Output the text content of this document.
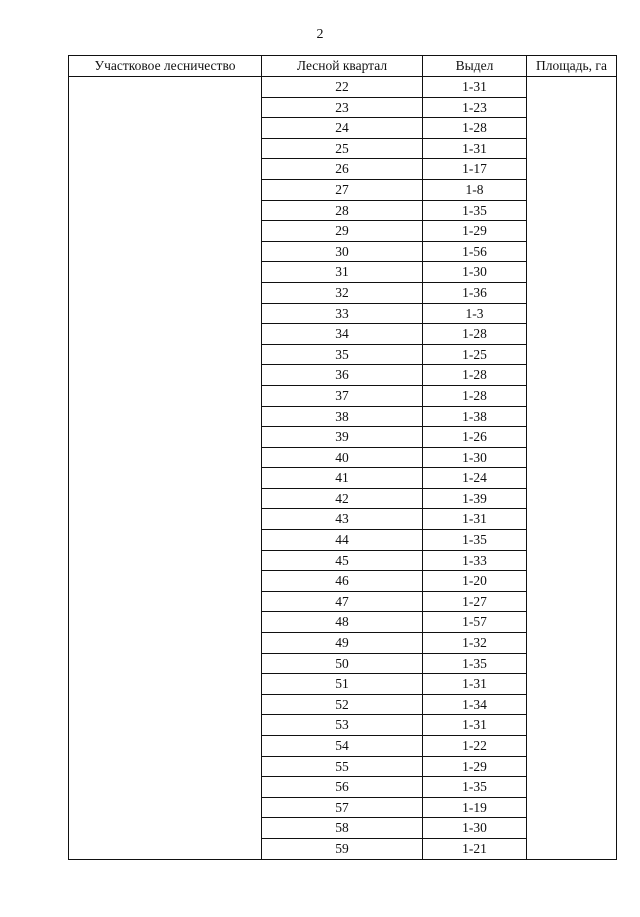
2
Участковое лесничество	Лесной квартал	Выдел	Площадь, га
	22	1-31	
	23	1-23	
	24	1-28	
	25	1-31	
	26	1-17	
	27	1-8	
	28	1-35	
	29	1-29	
	30	1-56	
	31	1-30	
	32	1-36	
	33	1-3	
	34	1-28	
	35	1-25	
	36	1-28	
	37	1-28	
	38	1-38	
	39	1-26	
	40	1-30	
	41	1-24	
	42	1-39	
	43	1-31	
	44	1-35	
	45	1-33	
	46	1-20	
	47	1-27	
	48	1-57	
	49	1-32	
	50	1-35	
	51	1-31	
	52	1-34	
	53	1-31	
	54	1-22	
	55	1-29	
	56	1-35	
	57	1-19	
	58	1-30	
	59	1-21	
